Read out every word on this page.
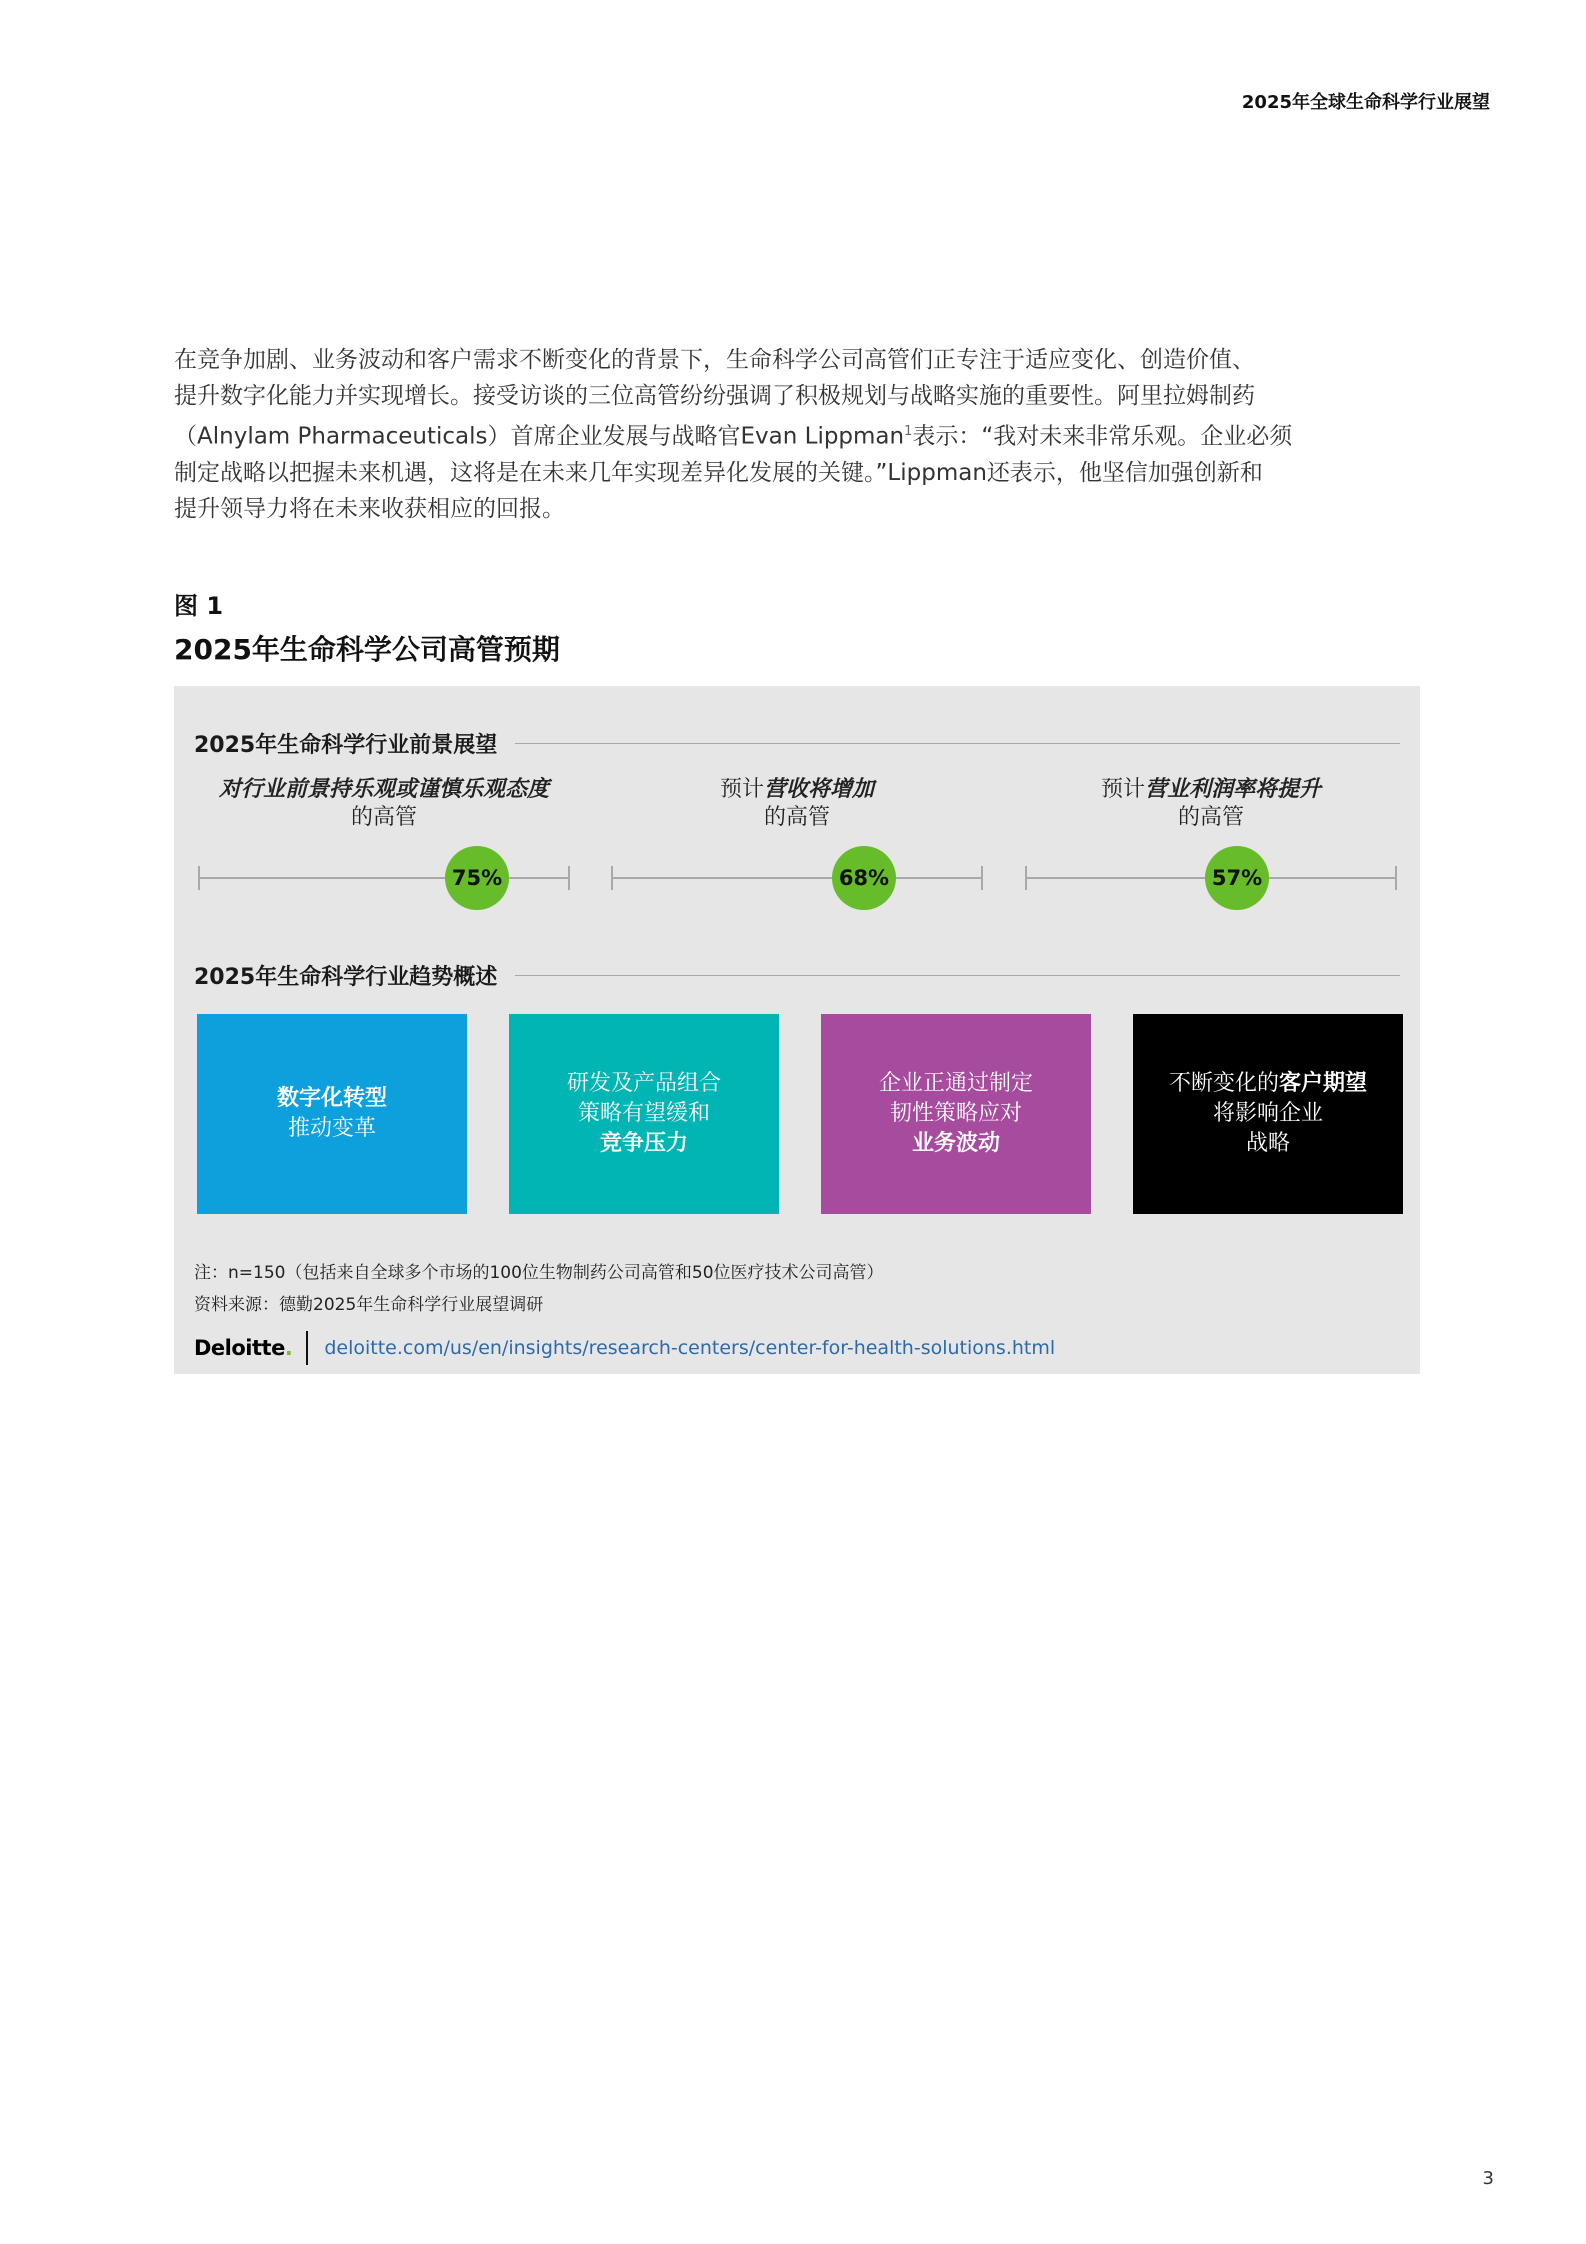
2025年全球生命科学行业展望

在竞争加剧、业务波动和客户需求不断变化的背景下，生命科学公司高管们正专注于适应变化、创造价值、

提升数字化能力并实现增长。接受访谈的三位高管纷纷强调了积极规划与战略实施的重要性。阿里拉姆制药

（Alnylam Pharmaceuticals）首席企业发展与战略官Evan Lippman$^1$表示：“我对未来非常乐观。企业必须

制定战略以把握未来机遇，这将是在未来几年实现差异化发展的关键。”Lippman还表示，他坚信加强创新和

提升领导力将在未来收获相应的回报。

图 1
2025年生命科学公司高管预期
2025年生命科学行业前景展望
对行业前景持乐观或谨慎乐观态度
的高管
75%
预计营收将增加
的高管
68%
预计营业利润率将提升
的高管
57%
2025年生命科学行业趋势概述
数字化转型
推动变革
研发及产品组合
策略有望缓和
竞争压力
企业正通过制定
韧性策略应对
业务波动
不断变化的客户期望
将影响企业
战略
注：n=150（包括来自全球多个市场的100位生物制药公司高管和50位医疗技术公司高管）
资料来源：德勤2025年生命科学行业展望调研
Deloitte. deloitte.com/us/en/insights/research-centers/center-for-health-solutions.html
3
